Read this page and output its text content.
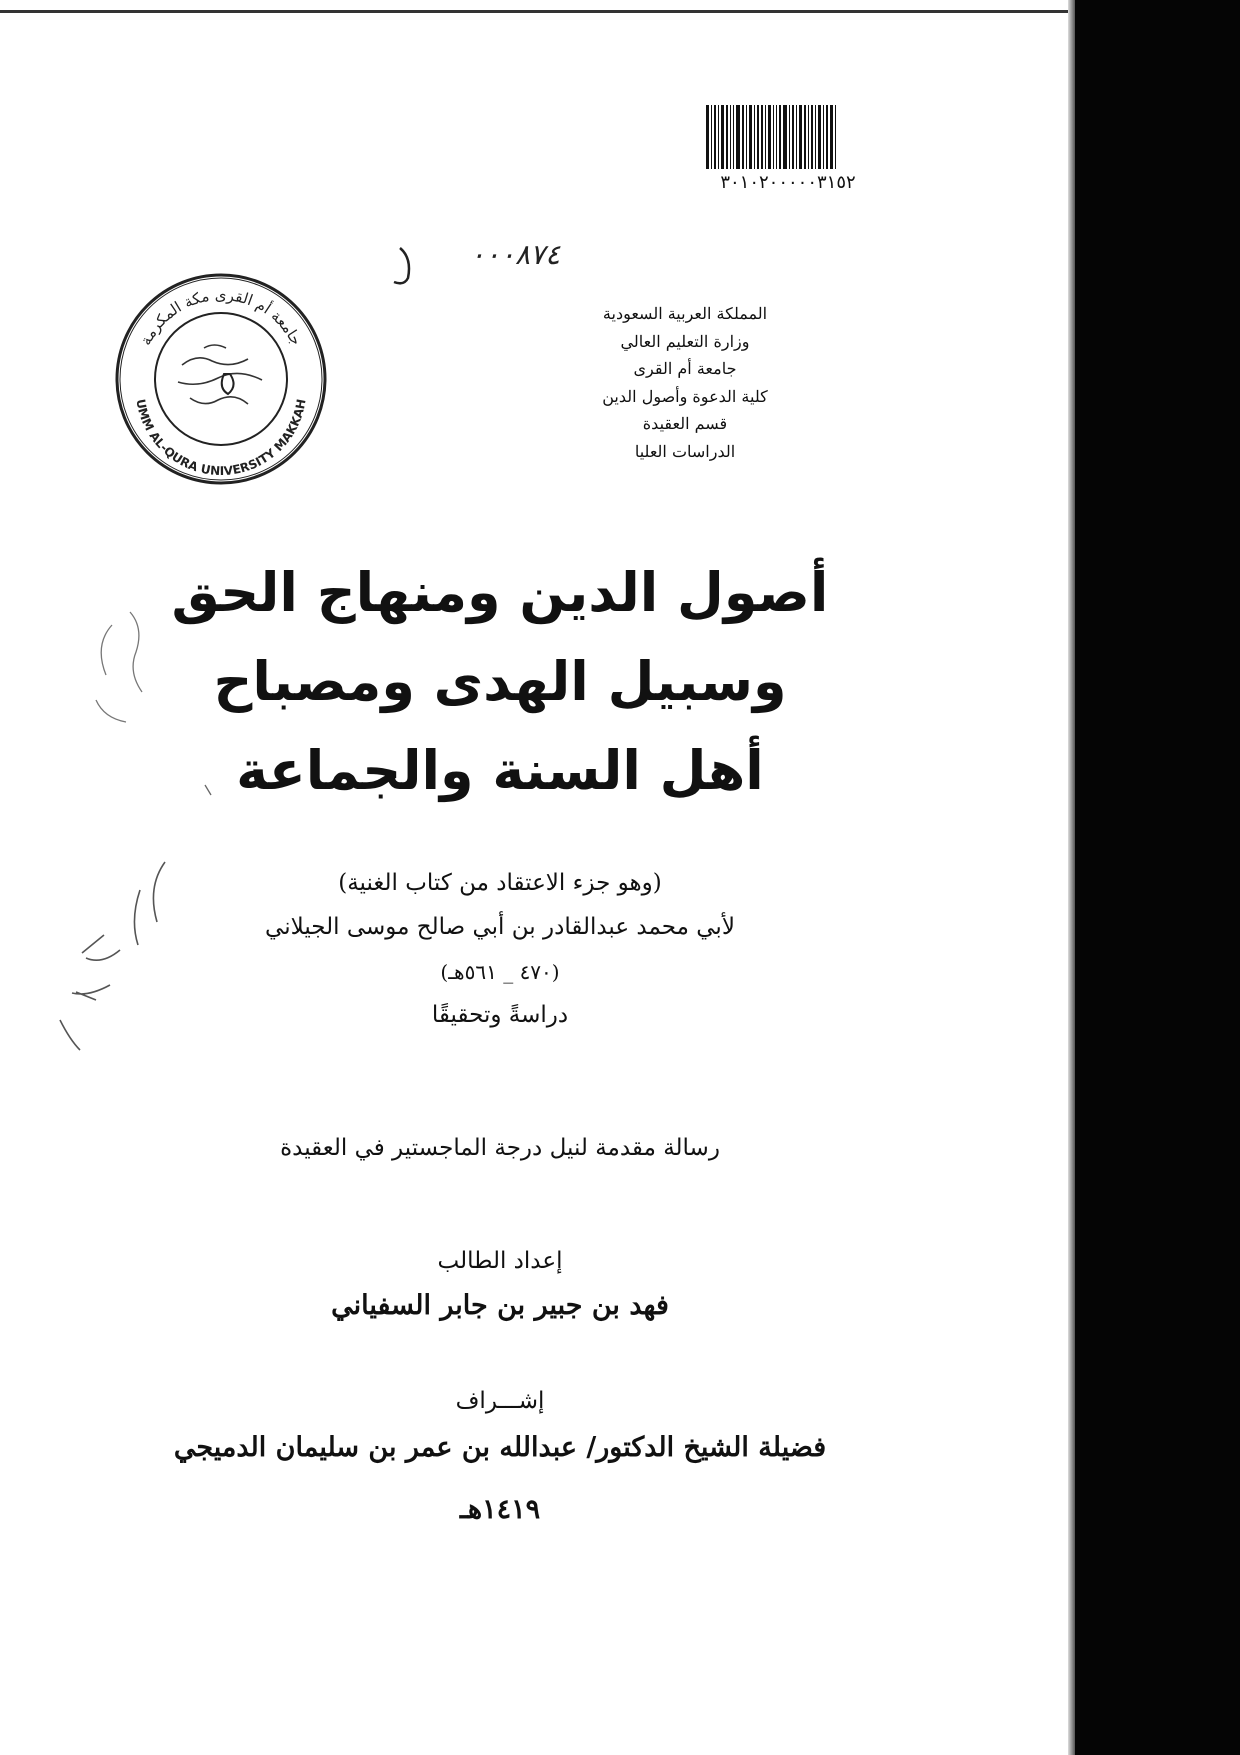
٣٠١٠٢٠٠٠٠٠٣١٥٢
٠٠٠٨٧٤
جامعة أم القرى مكة المكرمة
UMM AL-QURA UNIVERSITY MAKKAH
المملكة العربية السعودية
وزارة التعليم العالي
جامعة أم القرى
كلية الدعوة وأصول الدين
قسم العقيدة
الدراسات العليا
أصول الدين ومنهاج الحق
وسبيل الهدى ومصباح
أهل السنة والجماعة
(وهو جزء الاعتقاد من كتاب الغنية)
لأبي محمد عبدالقادر بن أبي صالح موسى الجيلاني
(٤٧٠ _ ٥٦١هـ)
دراسةً وتحقيقًا
رسالة مقدمة لنيل درجة الماجستير في العقيدة
إعداد الطالب
فهد بن جبير بن جابر السفياني
إشـــراف
فضيلة الشيخ الدكتور/ عبدالله بن عمر بن سليمان الدميجي
١٤١٩هـ
